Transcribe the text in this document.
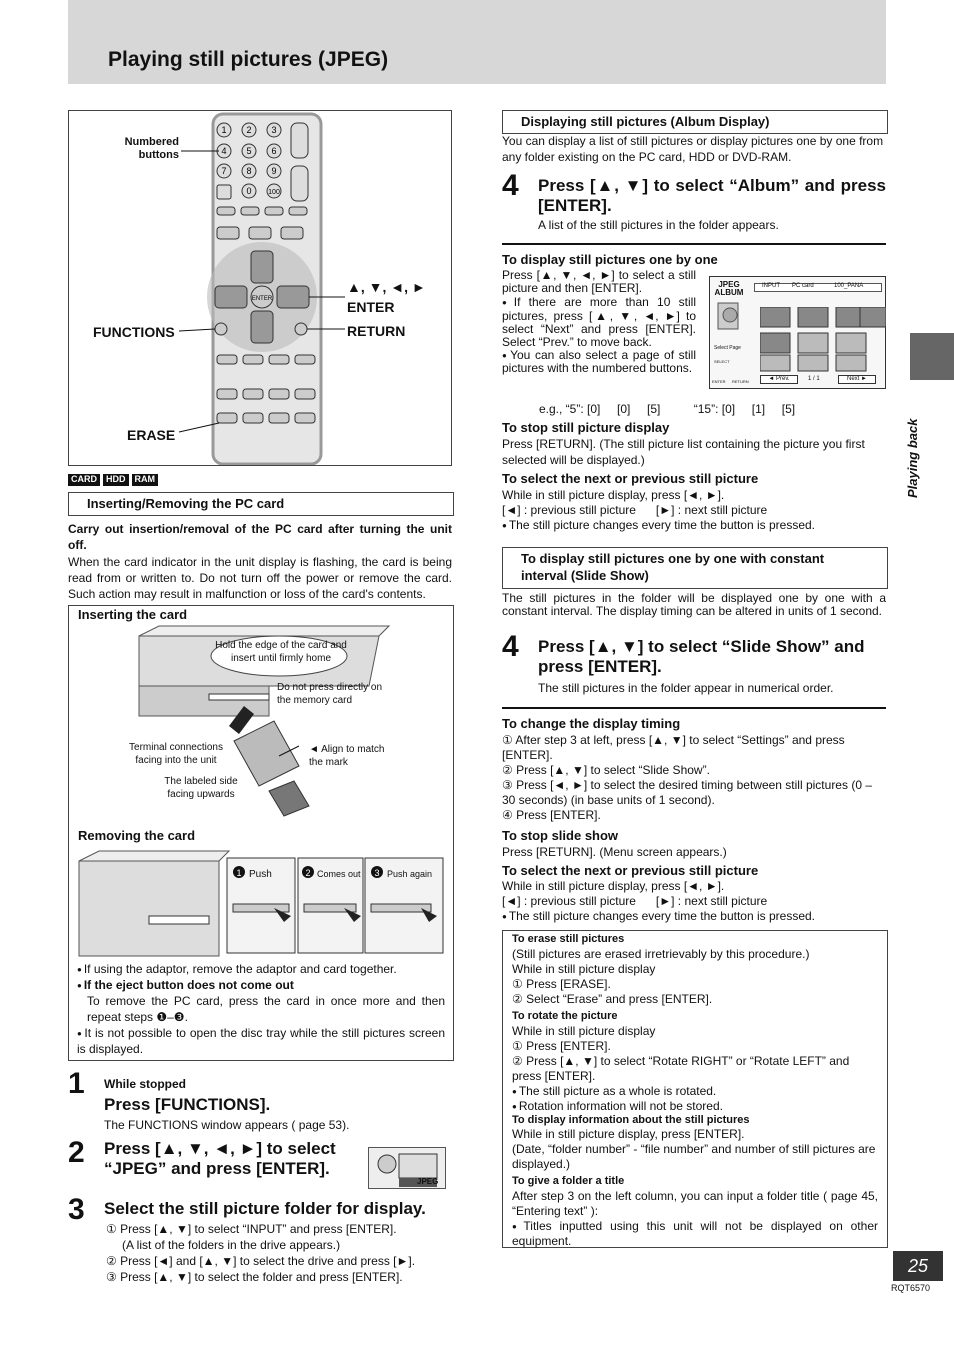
Playing still pictures (JPEG)
Playing back
1 2 3
4 5 6
7 8 9
0 100
ENTER
Numbered buttons
FUNCTIONS
ERASE
▲, ▼, ◄, ►
ENTER
RETURN
CARD HDD RAM
Inserting/Removing the PC card

Carry out insertion/removal of the PC card after turning the unit off.

When the card indicator in the unit display is flashing, the card is being read from or written to. Do not turn off the power or remove the card. Such action may result in malfunction or loss of the card's contents.

Inserting the card
1	2	3
Hold the edge of the card and insert until firmly home
Do not press directly on the memory card
Terminal connections facing into the unit
◄ Align to match the mark
The labeled side facing upwards
Removing the card
Push	Comes out	Push again
● If using the adaptor, remove the adaptor and card together.
● If the eject button does not come out
To remove the PC card, press the card in once more and then repeat steps ❶–❸.
● It is not possible to open the disc tray while the still pictures screen is displayed.
1 While stopped
Press [FUNCTIONS].
The FUNCTIONS window appears ( page 53).
2 Press [▲, ▼, ◄, ►] to select “JPEG” and press [ENTER].
JPEG
3 Select the still picture folder for display.
① Press [▲, ▼] to select “INPUT” and press [ENTER].
(A list of the folders in the drive appears.)
② Press [◄] and [▲, ▼] to select the drive and press [►].
③ Press [▲, ▼] to select the folder and press [ENTER].
Displaying still pictures (Album Display)
You can display a list of still pictures or display pictures one by one from any folder existing on the PC card, HDD or DVD-RAM.
4 Press [▲, ▼] to select “Album” and press [ENTER].
A list of the still pictures in the folder appears.
To display still pictures one by one
Press [▲, ▼, ◄, ►] to select a still picture and then [ENTER].
● If there are more than 10 still pictures, press [▲, ▼, ◄, ►] to select “Next” and press [ENTER]. Select “Prev.” to move back.
● You can also select a page of still pictures with the numbered buttons.
JPEG ALBUM
INPUT PC card	100_PANA
Select Page
SELECT
ENTER RETURN	◄ Prev.	1 / 1	Next ►
e.g., “5”: [0]     [0]     [5]          “15”: [0]     [1]     [5]
To stop still picture display
Press [RETURN]. (The still picture list containing the picture you first selected will be displayed.)
To select the next or previous still picture
While in still picture display, press [◄, ►].
[◄] : previous still picture      [►] : next still picture
● The still picture changes every time the button is pressed.
To display still pictures one by one with constant interval (Slide Show)
The still pictures in the folder will be displayed one by one with a constant interval. The display timing can be altered in units of 1 second.
4 Press [▲, ▼] to select “Slide Show” and press [ENTER].
The still pictures in the folder appear in numerical order.
To change the display timing
① After step 3 at left, press [▲, ▼] to select “Settings” and press [ENTER].
② Press [▲, ▼] to select “Slide Show”.
③ Press [◄, ►] to select the desired timing between still pictures (0 – 30 seconds) (in base units of 1 second).
④ Press [ENTER].
To stop slide show
Press [RETURN]. (Menu screen appears.)
To select the next or previous still picture
While in still picture display, press [◄, ►].
[◄] : previous still picture      [►] : next still picture
● The still picture changes every time the button is pressed.
To erase still pictures
(Still pictures are erased irretrievably by this procedure.)
While in still picture display
① Press [ERASE].
② Select “Erase” and press [ENTER].
To rotate the picture
While in still picture display
① Press [ENTER].
② Press [▲, ▼] to select “Rotate RIGHT” or “Rotate LEFT” and press [ENTER].
● The still picture as a whole is rotated.
● Rotation information will not be stored.
To display information about the still pictures
While in still picture display, press [ENTER].
(Date, “folder number” - “file number” and number of still pictures are displayed.)
To give a folder a title
After step 3 on the left column, you can input a folder title ( page 45, “Entering text” ):
● Titles inputted using this unit will not be displayed on other equipment.
25
RQT6570
